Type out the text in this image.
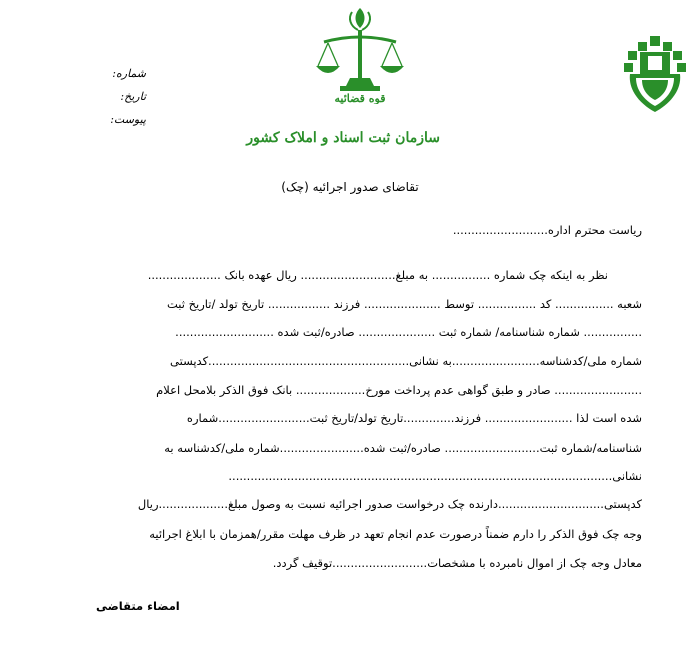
شماره:
تاریخ:
پیوست:
قوه قضائیه
سازمان ثبت اسناد و املاک کشور
تقاضای صدور اجرائیه (چک)
ریاست محترم اداره..........................
نظر به اینکه چک شماره ................ به مبلغ.......................... ریال عهده بانک ....................
شعبه ................ کد ................ توسط ..................... فرزند ................. تاریخ تولد /تاریخ ثبت
................ شماره شناسنامه/ شماره ثبت ..................... صادره/ثبت شده ...........................
شماره ملی/کدشناسه........................به نشانی.......................................................کدپستی
........................ صادر و طبق گواهی عدم پرداخت مورخ................... بانک فوق الذکر بلامحل اعلام
شده است لذا ........................ فرزند..............تاریخ تولد/تاریخ ثبت.........................شماره
شناسنامه/شماره ثبت.......................... صادره/ثبت شده.......................شماره ملی/کدشناسه به
نشانی.........................................................................................................
کدپستی.............................دارنده چک درخواست صدور اجرائیه نسبت به وصول مبلغ...................ریال
وجه چک فوق الذکر را دارم ضمناً درصورت عدم انجام تعهد در ظرف مهلت مقرر/همزمان با ابلاغ اجرائیه
معادل وجه چک از اموال نامبرده با مشخصات..........................توقیف گردد.
امضاء متقاضی
